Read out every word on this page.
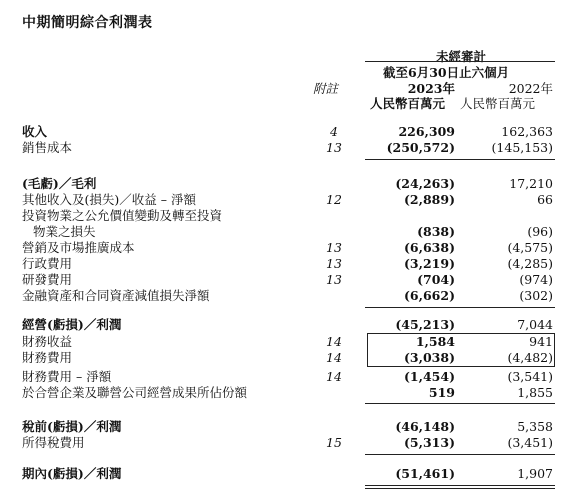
中期簡明綜合利潤表
未經審計
截至6月30日止六個月
附註	2023年	2022年
人民幣百萬元 人民幣百萬元
收入	4	226,309	162,363
銷售成本	13	(250,572)	(145,153)
(毛虧)／毛利	(24,263)	17,210
其他收入及(損失)／收益 – 淨額	12	(2,889)	66
投資物業之公允價值變動及轉至投資
物業之損失	(838)	(96)
營銷及市場推廣成本	13	(6,638)	(4,575)
行政費用	13	(3,219)	(4,285)
研發費用	13	(704)	(974)
金融資產和合同資產減值損失淨額	(6,662)	(302)
經營(虧損)／利潤	(45,213)	7,044
財務收益	14	1,584	941
財務費用	14	(3,038)	(4,482)
財務費用 – 淨額	14	(1,454)	(3,541)
於合營企業及聯營公司經營成果所佔份額	519	1,855
稅前(虧損)／利潤	(46,148)	5,358
所得稅費用	15	(5,313)	(3,451)
期內(虧損)／利潤	(51,461)	1,907
